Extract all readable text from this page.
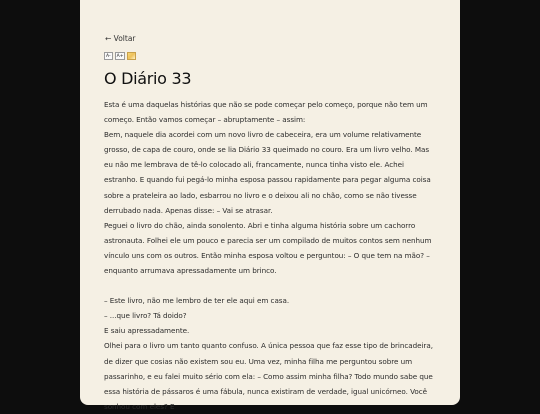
← Voltar
A-	A+
O Diário 33

Esta é uma daquelas histórias que não se pode começar pelo começo, porque não tem um começo. Então vamos começar – abruptamente – assim:

Bem, naquele dia acordei com um novo livro de cabeceira, era um volume relativamente grosso, de capa de couro, onde se lia Diário 33 queimado no couro. Era um livro velho. Mas eu não me lembrava de tê-lo colocado ali, francamente, nunca tinha visto ele. Achei estranho. E quando fui pegá-lo minha esposa passou rapidamente para pegar alguma coisa sobre a prateleira ao lado, esbarrou no livro e o deixou ali no chão, como se não tivesse derrubado nada. Apenas disse: – Vai se atrasar.

Peguei o livro do chão, ainda sonolento. Abri e tinha alguma história sobre um cachorro astronauta. Folhei ele um pouco e parecia ser um compilado de muitos contos sem nenhum vínculo uns com os outros. Então minha esposa voltou e perguntou: – O que tem na mão? – enquanto arrumava apressadamente um brinco.

– Este livro, não me lembro de ter ele aqui em casa.

– ...que livro? Tá doido?

E saiu apressadamente.

Olhei para o livro um tanto quanto confuso. A única pessoa que faz esse tipo de brincadeira, de dizer que cosias não existem sou eu. Uma vez, minha filha me perguntou sobre um passarinho, e eu falei muito sério com ela: – Como assim minha filha? Todo mundo sabe que essa história de pássaros é uma fábula, nunca existiram de verdade, igual unicórneo. Você sonhou com eles? E
